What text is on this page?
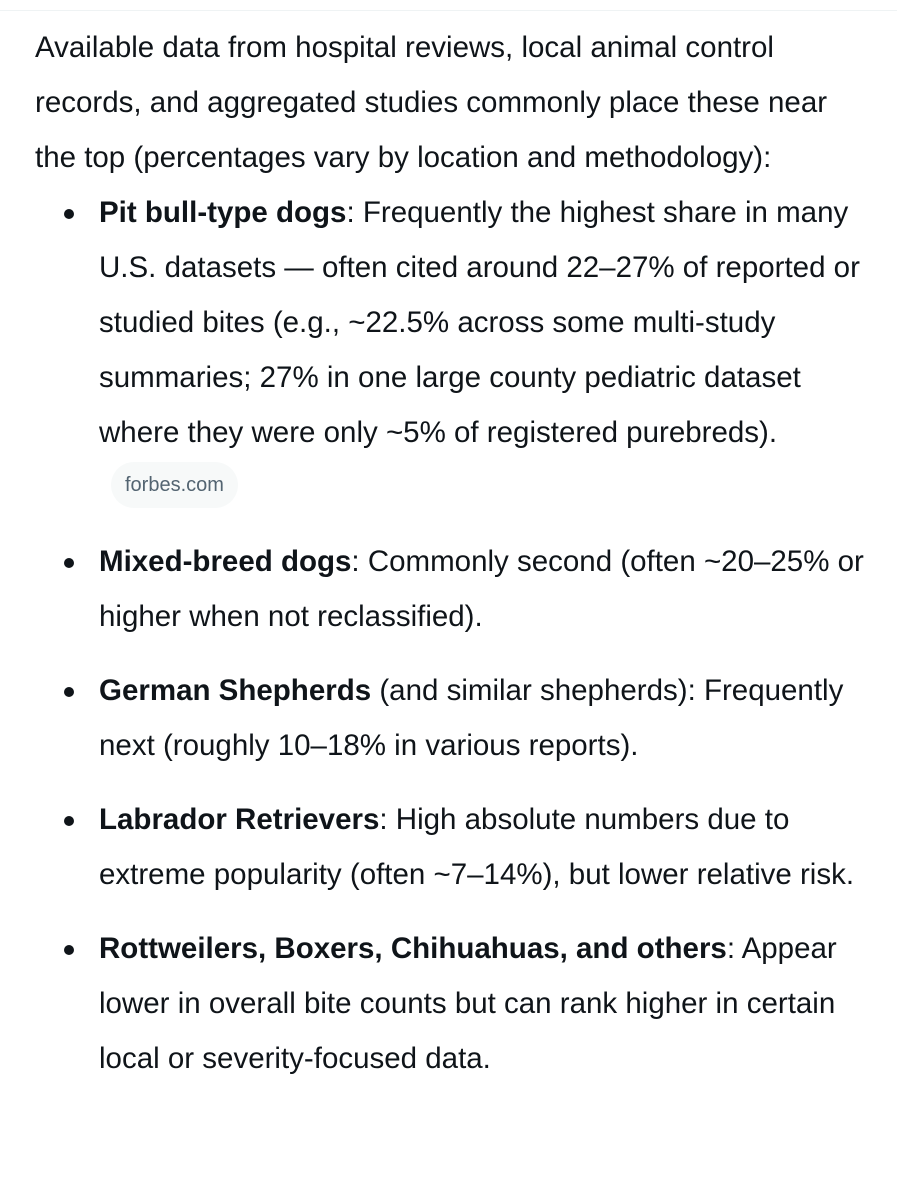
Available data from hospital reviews, local animal control records, and aggregated studies commonly place these near the top (percentages vary by location and methodology):

Pit bull-type dogs: Frequently the highest share in many U.S. datasets — often cited around 22–27% of reported or studied bites (e.g., ~22.5% across some multi-study summaries; 27% in one large county pediatric dataset where they were only ~5% of registered purebreds).forbes.com
Mixed-breed dogs: Commonly second (often ~20–25% or higher when not reclassified).
German Shepherds (and similar shepherds): Frequently next (roughly 10–18% in various reports).
Labrador Retrievers: High absolute numbers due to extreme popularity (often ~7–14%), but lower relative risk.
Rottweilers, Boxers, Chihuahuas, and others: Appear lower in overall bite counts but can rank higher in certain local or severity-focused data.
